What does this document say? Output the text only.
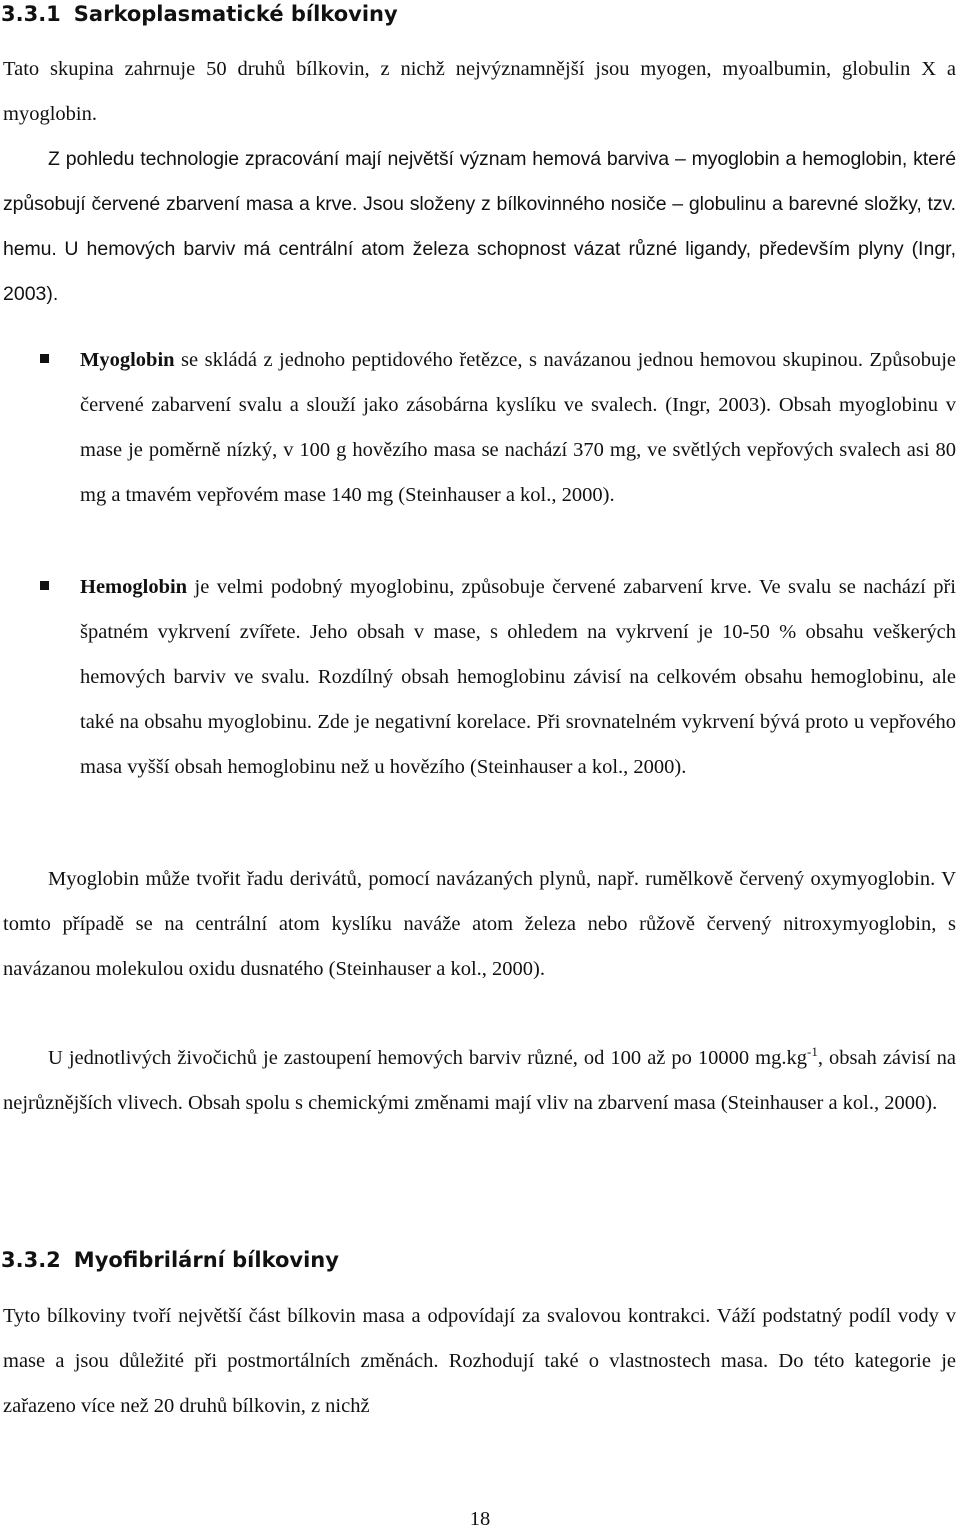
3.3.1 Sarkoplasmatické bílkoviny

Tato skupina zahrnuje 50 druhů bílkovin, z nichž nejvýznamnější jsou myogen, myoalbumin, globulin X a myoglobin.

Z pohledu technologie zpracování mají největší význam hemová barviva – myoglobin a hemoglobin, které způsobují červené zbarvení masa a krve. Jsou složeny z bílkovinného nosiče – globulinu a barevné složky, tzv. hemu. U hemových barviv má centrální atom železa schopnost vázat různé ligandy, především plyny (Ingr, 2003).

Myoglobin se skládá z jednoho peptidového řetězce, s navázanou jednou hemovou skupinou. Způsobuje červené zabarvení svalu a slouží jako zásobárna kyslíku ve svalech. (Ingr, 2003). Obsah myoglobinu v mase je poměrně nízký, v 100 g hovězího masa se nachází 370 mg, ve světlých vepřových svalech asi 80 mg a tmavém vepřovém mase 140 mg (Steinhauser a kol., 2000).

Hemoglobin je velmi podobný myoglobinu, způsobuje červené zabarvení krve. Ve svalu se nachází při špatném vykrvení zvířete. Jeho obsah v mase, s ohledem na vykrvení je 10-50 % obsahu veškerých hemových barviv ve svalu. Rozdílný obsah hemoglobinu závisí na celkovém obsahu hemoglobinu, ale také na obsahu myoglobinu. Zde je negativní korelace. Při srovnatelném vykrvení bývá proto u vepřového masa vyšší obsah hemoglobinu než u hovězího (Steinhauser a kol., 2000).

Myoglobin může tvořit řadu derivátů, pomocí navázaných plynů, např. rumělkově červený oxymyoglobin. V tomto případě se na centrální atom kyslíku naváže atom železa nebo růžově červený nitroxymyoglobin, s navázanou molekulou oxidu dusnatého (Steinhauser a kol., 2000).

U jednotlivých živočichů je zastoupení hemových barviv různé, od 100 až po 10000 $mg.kg^{-1}$, obsah závisí na nejrůznějších vlivech. Obsah spolu s chemickými změnami mají vliv na zbarvení masa (Steinhauser a kol., 2000).

3.3.2 Myofibrilární bílkoviny

Tyto bílkoviny tvoří největší část bílkovin masa a odpovídají za svalovou kontrakci. Váží podstatný podíl vody v mase a jsou důležité při postmortálních změnách. Rozhodují také o vlastnostech masa. Do této kategorie je zařazeno více než 20 druhů bílkovin, z nichž

18
